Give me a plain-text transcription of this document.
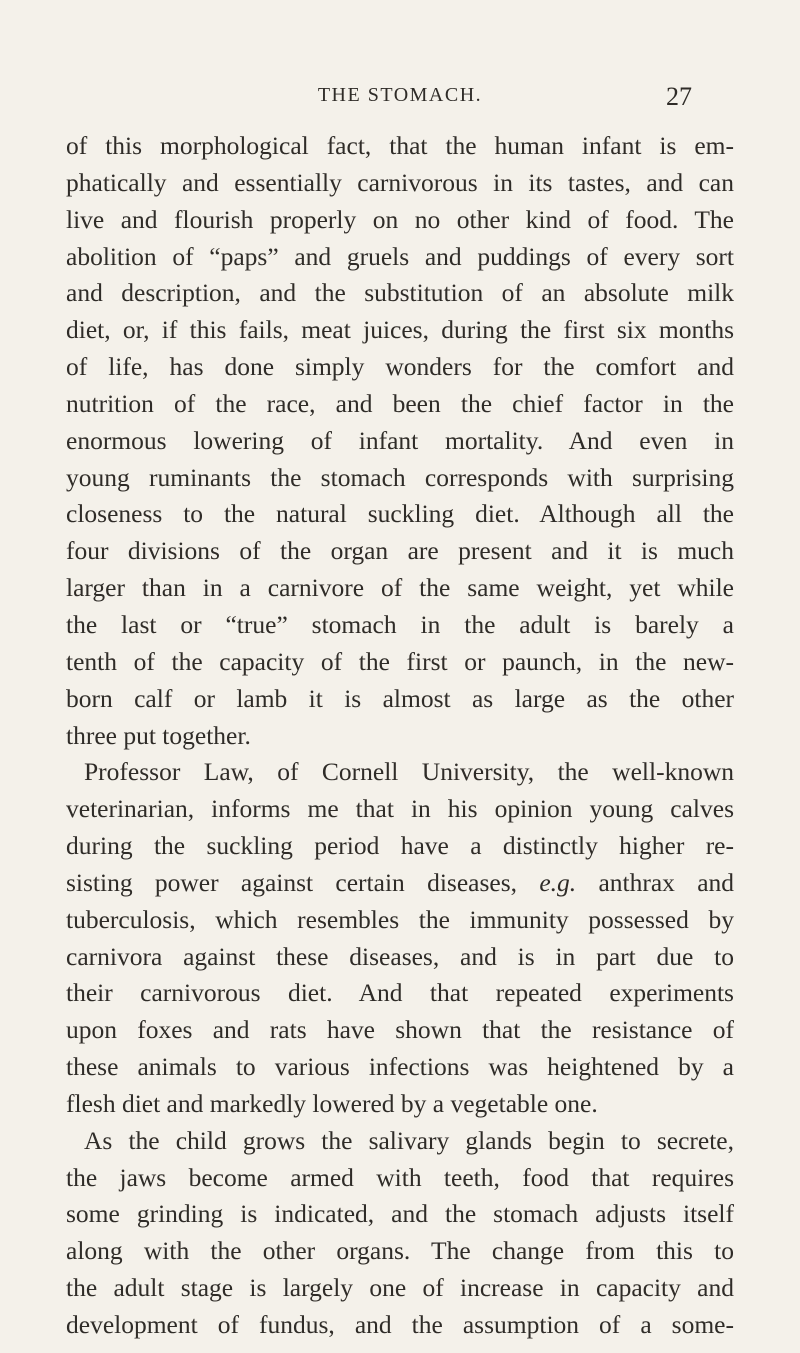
THE STOMACH.	27
of this morphological fact, that the human infant is em-
phatically and essentially carnivorous in its tastes, and can
live and flourish properly on no other kind of food. The
abolition of “paps” and gruels and puddings of every sort
and description, and the substitution of an absolute milk
diet, or, if this fails, meat juices, during the first six months
of life, has done simply wonders for the comfort and
nutrition of the race, and been the chief factor in the
enormous lowering of infant mortality. And even in
young ruminants the stomach corresponds with surprising
closeness to the natural suckling diet. Although all the
four divisions of the organ are present and it is much
larger than in a carnivore of the same weight, yet while
the last or “true” stomach in the adult is barely a
tenth of the capacity of the first or paunch, in the new-
born calf or lamb it is almost as large as the other
three put together.
Professor Law, of Cornell University, the well-known
veterinarian, informs me that in his opinion young calves
during the suckling period have a distinctly higher re-
sisting power against certain diseases, e.g. anthrax and
tuberculosis, which resembles the immunity possessed by
carnivora against these diseases, and is in part due to
their carnivorous diet. And that repeated experiments
upon foxes and rats have shown that the resistance of
these animals to various infections was heightened by a
flesh diet and markedly lowered by a vegetable one.
As the child grows the salivary glands begin to secrete,
the jaws become armed with teeth, food that requires
some grinding is indicated, and the stomach adjusts itself
along with the other organs. The change from this to
the adult stage is largely one of increase in capacity and
development of fundus, and the assumption of a some-
